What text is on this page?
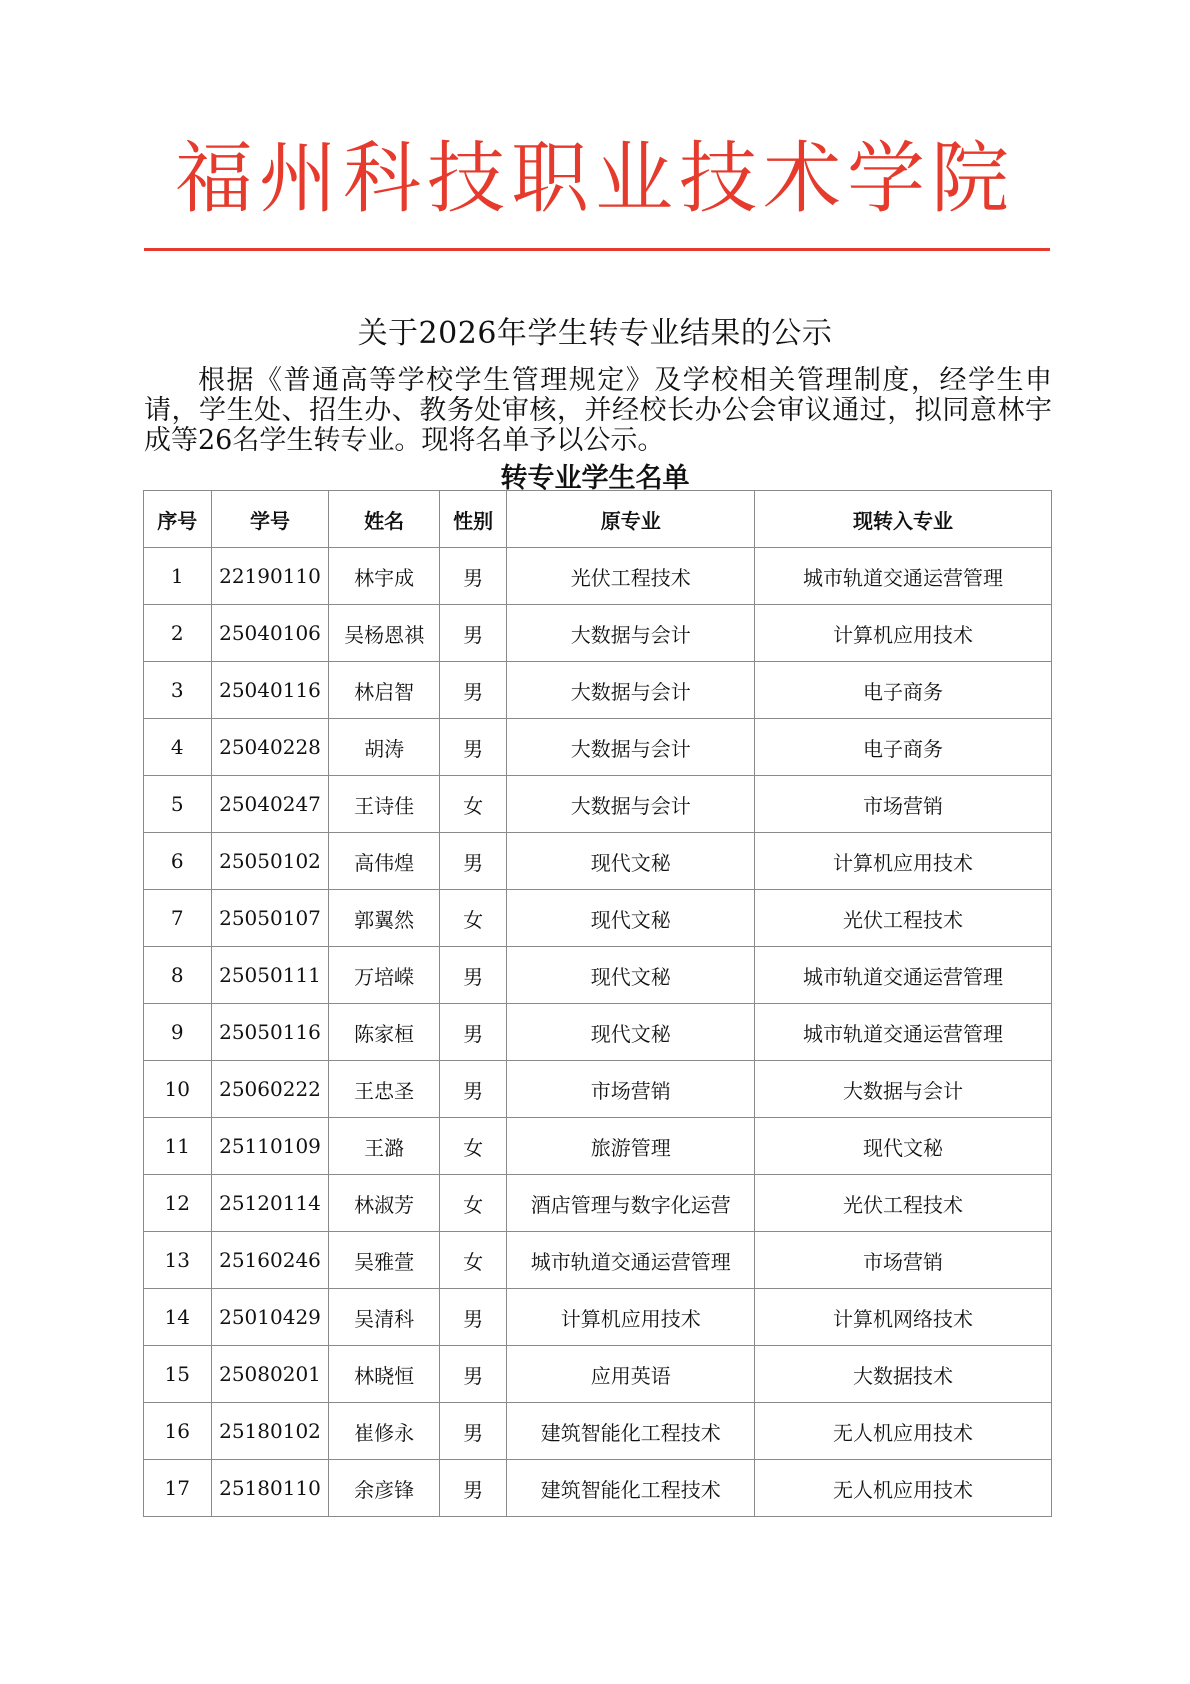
福州科技职业技术学院
关于2026年学生转专业结果的公示
根据《普通高等学校学生管理规定》及学校相关管理制度，经学生申请，学生处、招生办、教务处审核，并经校长办公会审议通过，拟同意林宇成等26名学生转专业。现将名单予以公示。
转专业学生名单
序号	学号	姓名	性别	原专业	现转入专业
1	22190110	林宇成	男	光伏工程技术	城市轨道交通运营管理
2	25040106	吴杨恩祺	男	大数据与会计	计算机应用技术
3	25040116	林启智	男	大数据与会计	电子商务
4	25040228	胡涛	男	大数据与会计	电子商务
5	25040247	王诗佳	女	大数据与会计	市场营销
6	25050102	高伟煌	男	现代文秘	计算机应用技术
7	25050107	郭翼然	女	现代文秘	光伏工程技术
8	25050111	万培嵘	男	现代文秘	城市轨道交通运营管理
9	25050116	陈家桓	男	现代文秘	城市轨道交通运营管理
10	25060222	王忠圣	男	市场营销	大数据与会计
11	25110109	王潞	女	旅游管理	现代文秘
12	25120114	林淑芳	女	酒店管理与数字化运营	光伏工程技术
13	25160246	吴雅萱	女	城市轨道交通运营管理	市场营销
14	25010429	吴清科	男	计算机应用技术	计算机网络技术
15	25080201	林晓恒	男	应用英语	大数据技术
16	25180102	崔修永	男	建筑智能化工程技术	无人机应用技术
17	25180110	余彦锋	男	建筑智能化工程技术	无人机应用技术
